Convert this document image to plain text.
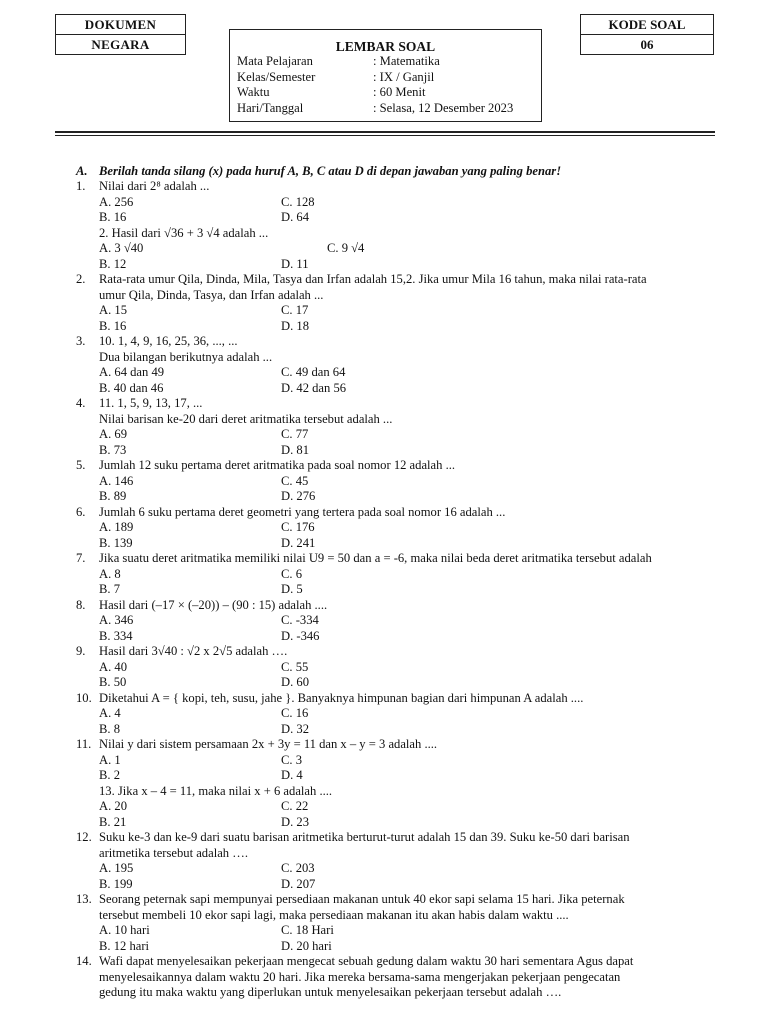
DOKUMEN
NEGARA
KODE SOAL
06
LEMBAR SOAL
Mata Pelajaran	: Matematika
Kelas/Semester	: IX / Ganjil
Waktu	: 60 Menit
Hari/Tanggal	: Selasa, 12 Desember 2023
A. Berilah tanda silang (x) pada huruf A, B, C atau D di depan jawaban yang paling benar!
1. Nilai dari 2⁸ adalah ...
A. 256	C. 128
B. 16	D. 64
2. Hasil dari √36 + 3 √4 adalah ...
A. 3 √40	C. 9 √4
B. 12	D. 11
2. Rata-rata umur Qila, Dinda, Mila, Tasya dan Irfan adalah 15,2. Jika umur Mila 16 tahun, maka nilai rata-rata
umur Qila, Dinda, Tasya, dan Irfan adalah ...
A. 15	C. 17
B. 16	D. 18
3. 10. 1, 4, 9, 16, 25, 36, ..., ...
Dua bilangan berikutnya adalah ...
A. 64 dan 49	C. 49 dan 64
B. 40 dan 46	D. 42 dan 56
4. 11. 1, 5, 9, 13, 17, ...
Nilai barisan ke-20 dari deret aritmatika tersebut adalah ...
A. 69	C. 77
B. 73	D. 81
5. Jumlah 12 suku pertama deret aritmatika pada soal nomor 12 adalah ...
A. 146	C. 45
B. 89	D. 276
6. Jumlah 6 suku pertama deret geometri yang tertera pada soal nomor 16 adalah ...
A. 189	C. 176
B. 139	D. 241
7. Jika suatu deret aritmatika memiliki nilai U9 = 50 dan a = -6, maka nilai beda deret aritmatika tersebut adalah
A. 8	C. 6
B. 7	D. 5
8. Hasil dari (–17 × (–20)) – (90 : 15) adalah ....
A. 346	C. -334
B. 334	D. -346
9. Hasil dari 3√40 : √2 x 2√5 adalah ….
A. 40	C. 55
B. 50	D. 60
10. Diketahui A = { kopi, teh, susu, jahe }. Banyaknya himpunan bagian dari himpunan A adalah ....
A. 4	C. 16
B. 8	D. 32
11. Nilai y dari sistem persamaan 2x + 3y = 11 dan x – y = 3 adalah ....
A. 1	C. 3
B. 2	D. 4
13. Jika x – 4 = 11, maka nilai x + 6 adalah ....
A. 20	C. 22
B. 21	D. 23
12. Suku ke-3 dan ke-9 dari suatu barisan aritmetika berturut-turut adalah 15 dan 39. Suku ke-50 dari barisan
aritmetika tersebut adalah ….
A. 195	C. 203
B. 199	D. 207
13. Seorang peternak sapi mempunyai persediaan makanan untuk 40 ekor sapi selama 15 hari. Jika peternak
tersebut membeli 10 ekor sapi lagi, maka persediaan makanan itu akan habis dalam waktu ....
A. 10 hari	C. 18 Hari
B. 12 hari	D. 20 hari
14. Wafi dapat menyelesaikan pekerjaan mengecat sebuah gedung dalam waktu 30 hari sementara Agus dapat
menyelesaikannya dalam waktu 20 hari. Jika mereka bersama-sama mengerjakan pekerjaan pengecatan
gedung itu maka waktu yang diperlukan untuk menyelesaikan pekerjaan tersebut adalah ….
